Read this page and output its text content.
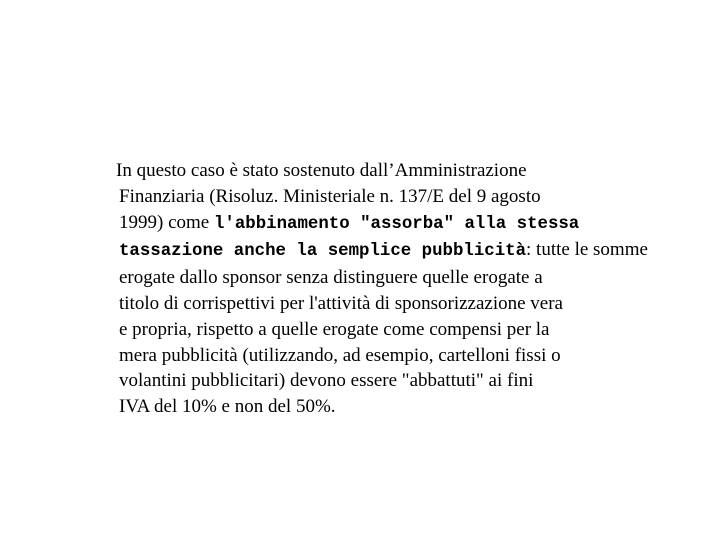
In questo caso è stato sostenuto dall’Amministrazione
Finanziaria (Risoluz. Ministeriale n. 137/E del 9 agosto
1999) come l'abbinamento "assorba" alla stessa
tassazione anche la semplice pubblicità: tutte le somme
erogate dallo sponsor senza distinguere quelle erogate a
titolo di corrispettivi per l'attività di sponsorizzazione vera
e propria, rispetto a quelle erogate come compensi per la
mera pubblicità (utilizzando, ad esempio, cartelloni fissi o
volantini pubblicitari) devono essere "abbattuti" ai fini
IVA del 10% e non del 50%.
